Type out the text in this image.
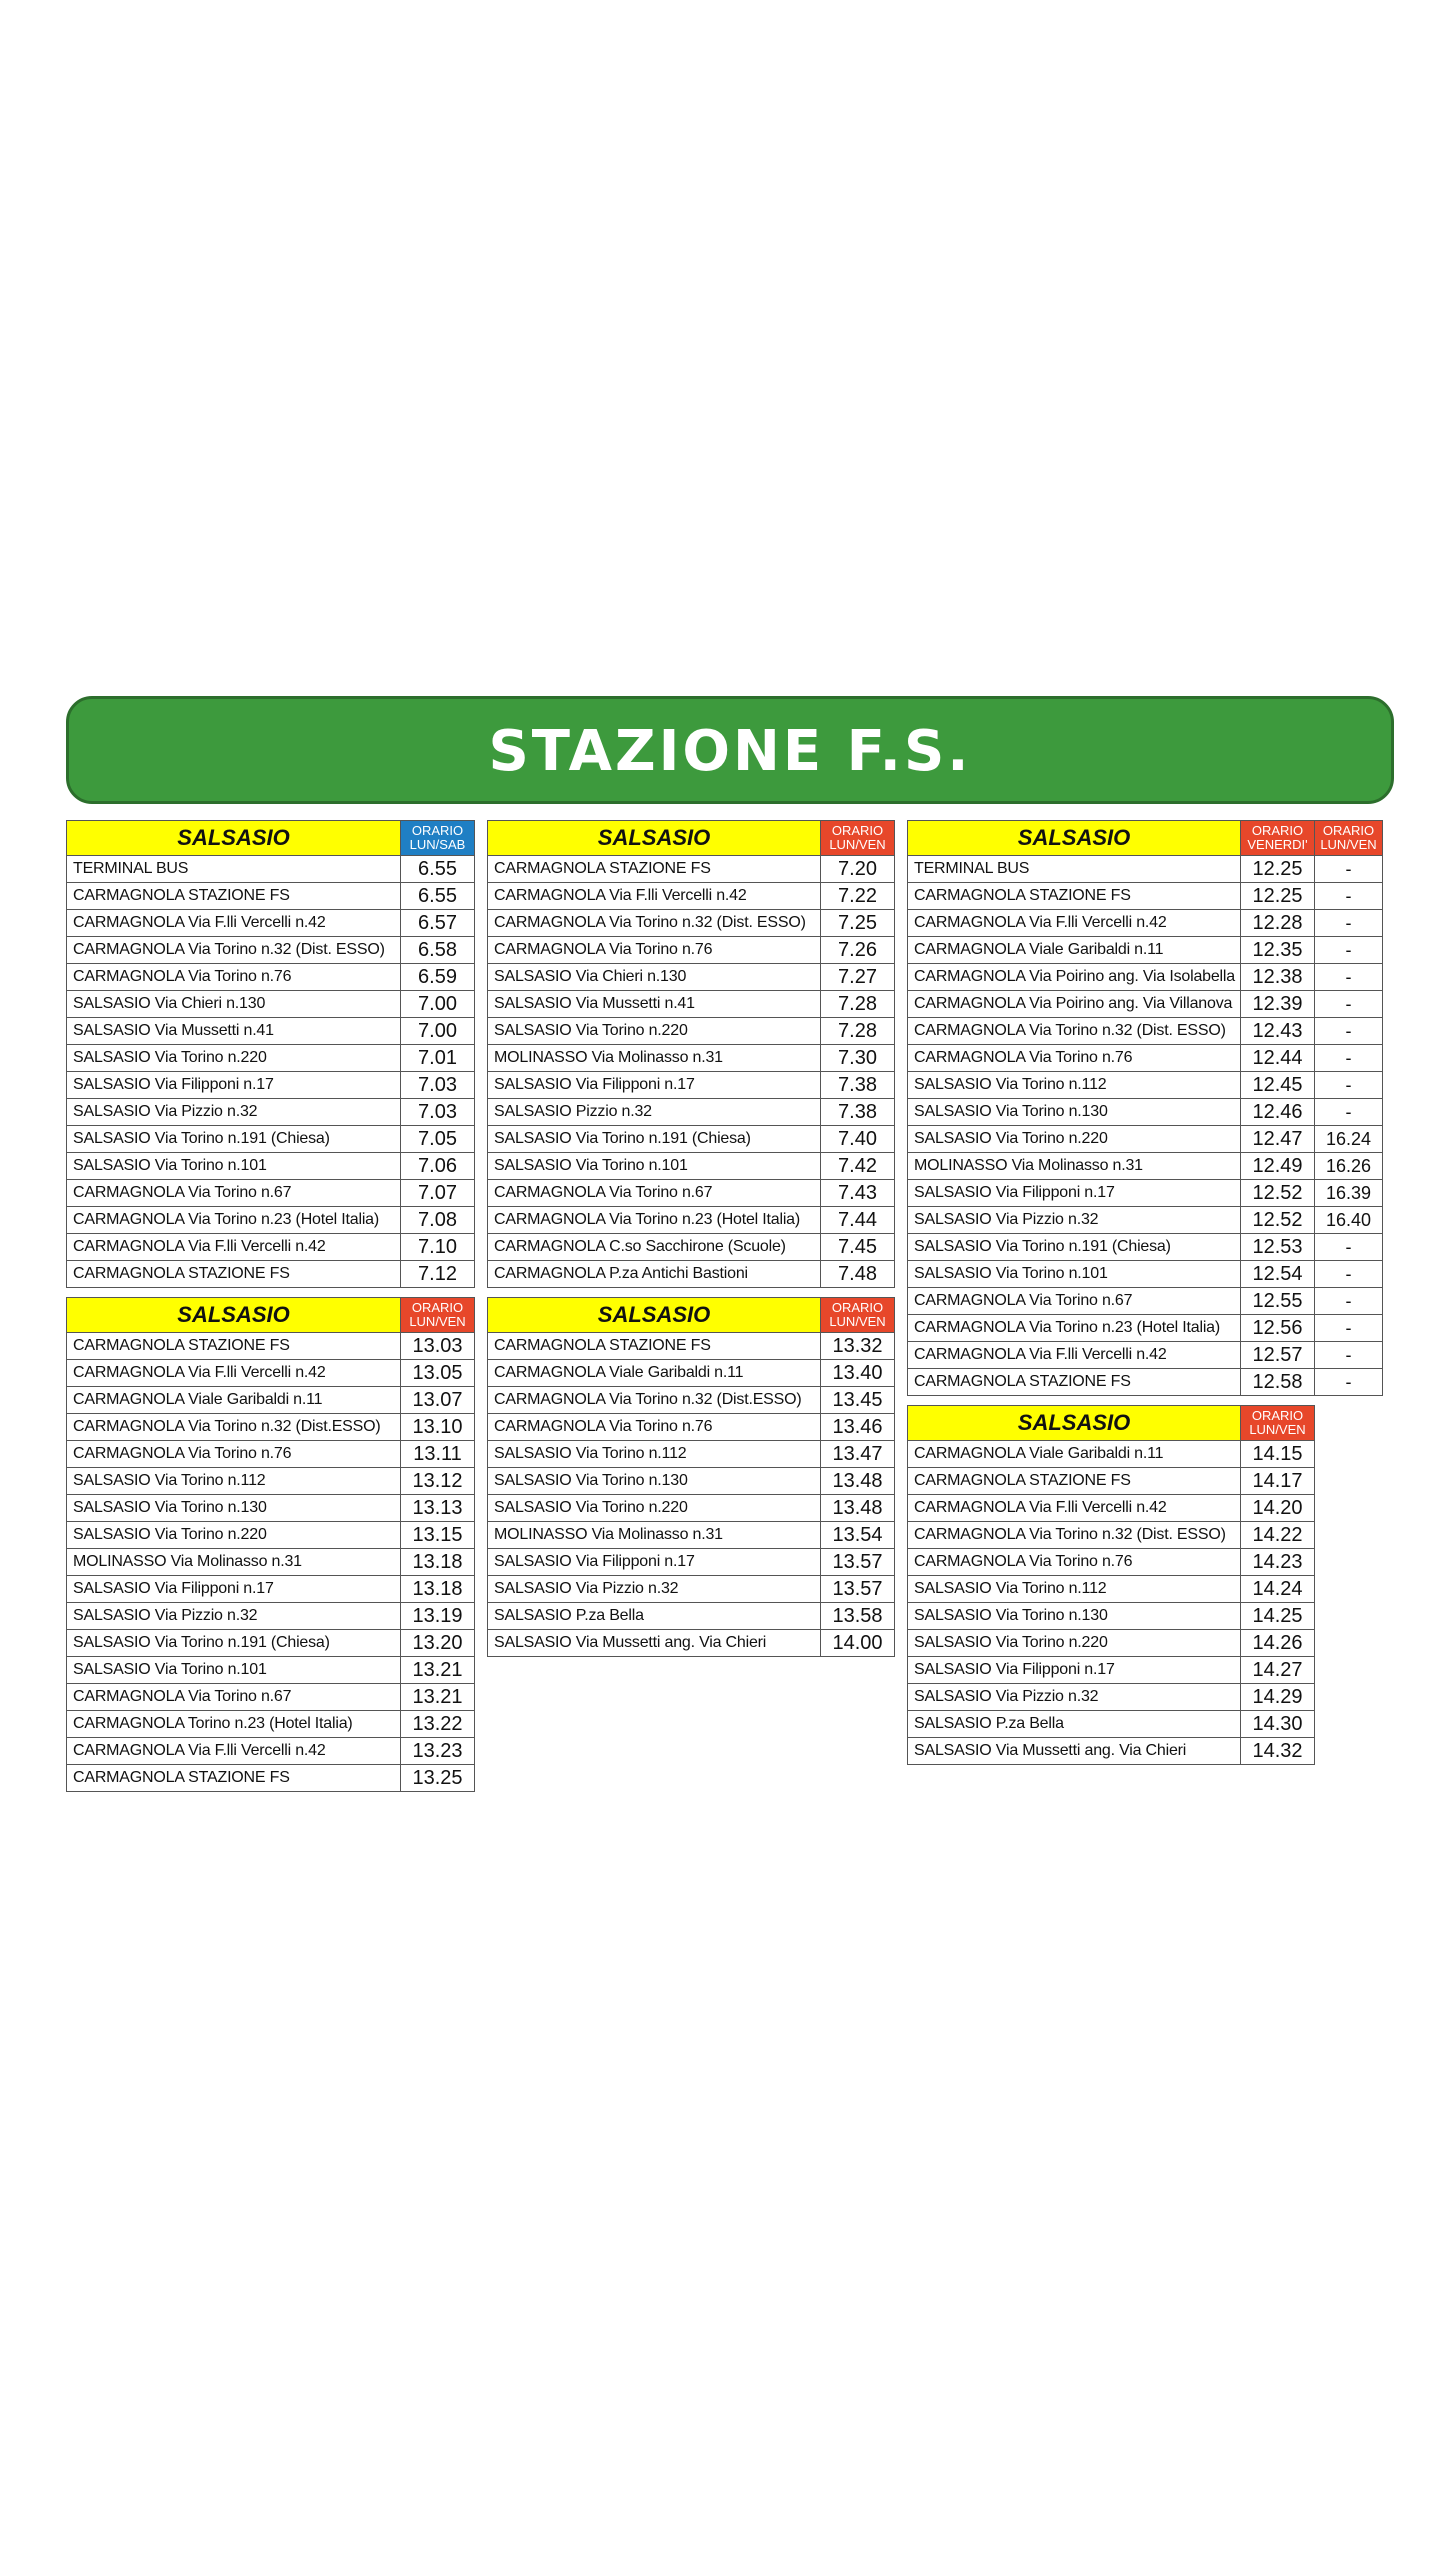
STAZIONE F.S.
SALSASIO	ORARIO
LUN/SAB
TERMINAL BUS	6.55
CARMAGNOLA STAZIONE FS	6.55
CARMAGNOLA Via F.lli Vercelli n.42	6.57
CARMAGNOLA Via Torino n.32 (Dist. ESSO)	6.58
CARMAGNOLA Via Torino n.76	6.59
SALSASIO Via Chieri n.130	7.00
SALSASIO Via Mussetti n.41	7.00
SALSASIO Via Torino n.220	7.01
SALSASIO Via Filipponi n.17	7.03
SALSASIO Via Pizzio n.32	7.03
SALSASIO Via Torino n.191 (Chiesa)	7.05
SALSASIO Via Torino n.101	7.06
CARMAGNOLA Via Torino n.67	7.07
CARMAGNOLA Via Torino n.23 (Hotel Italia)	7.08
CARMAGNOLA Via F.lli Vercelli n.42	7.10
CARMAGNOLA STAZIONE FS	7.12
SALSASIO	ORARIO
LUN/VEN
CARMAGNOLA STAZIONE FS	13.03
CARMAGNOLA Via F.lli Vercelli n.42	13.05
CARMAGNOLA Viale Garibaldi n.11	13.07
CARMAGNOLA Via Torino n.32 (Dist.ESSO)	13.10
CARMAGNOLA Via Torino n.76	13.11
SALSASIO Via Torino n.112	13.12
SALSASIO Via Torino n.130	13.13
SALSASIO Via Torino n.220	13.15
MOLINASSO Via Molinasso n.31	13.18
SALSASIO Via Filipponi n.17	13.18
SALSASIO Via Pizzio n.32	13.19
SALSASIO Via Torino n.191 (Chiesa)	13.20
SALSASIO Via Torino n.101	13.21
CARMAGNOLA Via Torino n.67	13.21
CARMAGNOLA Torino n.23 (Hotel Italia)	13.22
CARMAGNOLA Via F.lli Vercelli n.42	13.23
CARMAGNOLA STAZIONE FS	13.25
SALSASIO	ORARIO
LUN/VEN
CARMAGNOLA STAZIONE FS	7.20
CARMAGNOLA Via F.lli Vercelli n.42	7.22
CARMAGNOLA Via Torino n.32 (Dist. ESSO)	7.25
CARMAGNOLA Via Torino n.76	7.26
SALSASIO Via Chieri n.130	7.27
SALSASIO Via Mussetti n.41	7.28
SALSASIO Via Torino n.220	7.28
MOLINASSO Via Molinasso n.31	7.30
SALSASIO Via Filipponi n.17	7.38
SALSASIO Pizzio n.32	7.38
SALSASIO Via Torino n.191 (Chiesa)	7.40
SALSASIO Via Torino n.101	7.42
CARMAGNOLA Via Torino n.67	7.43
CARMAGNOLA Via Torino n.23 (Hotel Italia)	7.44
CARMAGNOLA C.so Sacchirone (Scuole)	7.45
CARMAGNOLA P.za Antichi Bastioni	7.48
SALSASIO	ORARIO
LUN/VEN
CARMAGNOLA STAZIONE FS	13.32
CARMAGNOLA Viale Garibaldi n.11	13.40
CARMAGNOLA Via Torino n.32 (Dist.ESSO)	13.45
CARMAGNOLA Via Torino n.76	13.46
SALSASIO Via Torino n.112	13.47
SALSASIO Via Torino n.130	13.48
SALSASIO Via Torino n.220	13.48
MOLINASSO Via Molinasso n.31	13.54
SALSASIO Via Filipponi n.17	13.57
SALSASIO Via Pizzio n.32	13.57
SALSASIO P.za Bella	13.58
SALSASIO Via Mussetti ang. Via Chieri	14.00
SALSASIO	ORARIO
VENERDI'
ORARIO
LUN/VEN
TERMINAL BUS	12.25	-
CARMAGNOLA STAZIONE FS	12.25	-
CARMAGNOLA Via F.lli Vercelli n.42	12.28	-
CARMAGNOLA Viale Garibaldi n.11	12.35	-
CARMAGNOLA Via Poirino ang. Via Isolabella 12.38	-
CARMAGNOLA Via Poirino ang. Via Villanova	12.39	-
CARMAGNOLA Via Torino n.32 (Dist. ESSO)	12.43	-
CARMAGNOLA Via Torino n.76	12.44	-
SALSASIO Via Torino n.112	12.45	-
SALSASIO Via Torino n.130	12.46	-
SALSASIO Via Torino n.220	12.47	16.24
MOLINASSO Via Molinasso n.31	12.49	16.26
SALSASIO Via Filipponi n.17	12.52	16.39
SALSASIO Via Pizzio n.32	12.52	16.40
SALSASIO Via Torino n.191 (Chiesa)	12.53	-
SALSASIO Via Torino n.101	12.54	-
CARMAGNOLA Via Torino n.67	12.55	-
CARMAGNOLA Via Torino n.23 (Hotel Italia)	12.56	-
CARMAGNOLA Via F.lli Vercelli n.42	12.57	-
CARMAGNOLA STAZIONE FS	12.58	-
SALSASIO	ORARIO
LUN/VEN
CARMAGNOLA Viale Garibaldi n.11	14.15
CARMAGNOLA STAZIONE FS	14.17
CARMAGNOLA Via F.lli Vercelli n.42	14.20
CARMAGNOLA Via Torino n.32 (Dist. ESSO)	14.22
CARMAGNOLA Via Torino n.76	14.23
SALSASIO Via Torino n.112	14.24
SALSASIO Via Torino n.130	14.25
SALSASIO Via Torino n.220	14.26
SALSASIO Via Filipponi n.17	14.27
SALSASIO Via Pizzio n.32	14.29
SALSASIO P.za Bella	14.30
SALSASIO Via Mussetti ang. Via Chieri	14.32
